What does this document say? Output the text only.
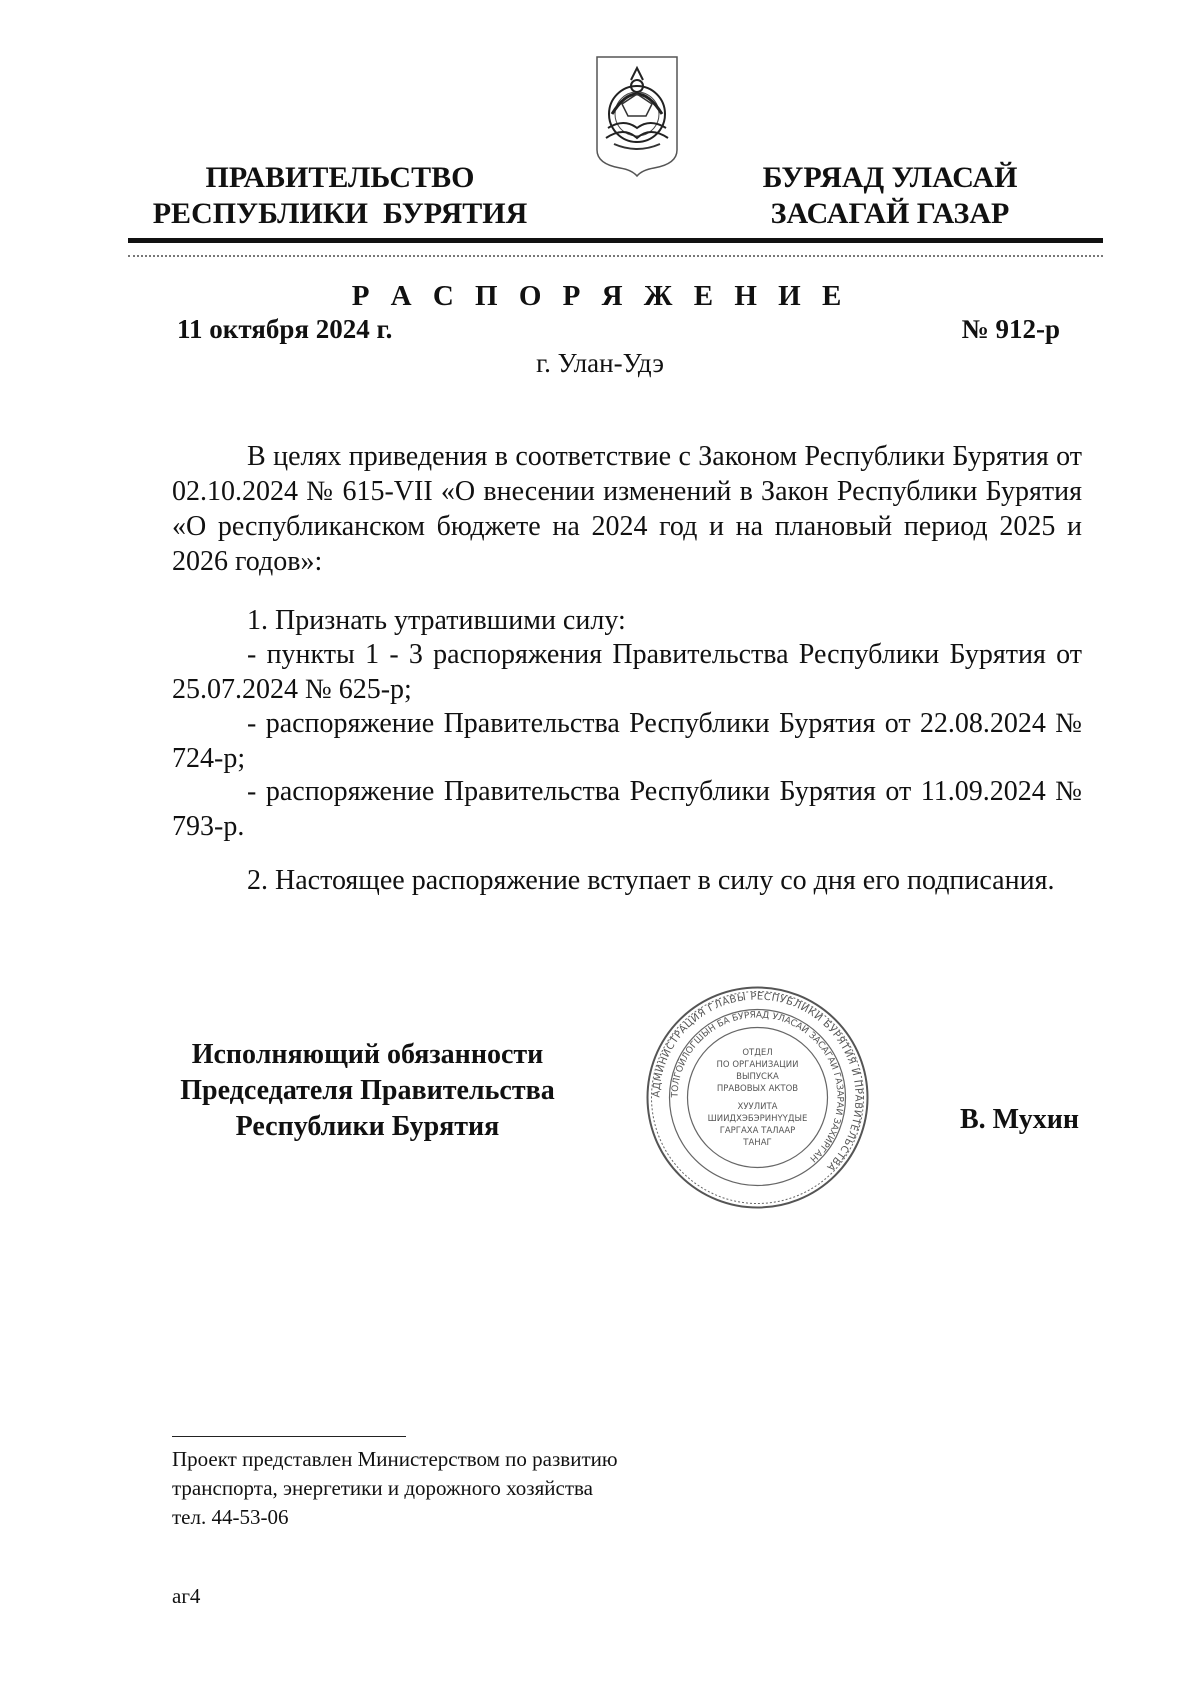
ПРАВИТЕЛЬСТВО
РЕСПУБЛИКИ  БУРЯТИЯ
БУРЯАД УЛАСАЙ
ЗАСАГАЙ ГАЗАР
Р А С П О Р Я Ж Е Н И Е
11 октября 2024 г.	№ 912-р
г. Улан-Удэ
В целях приведения в соответствие с Законом Республики Бурятия от 02.10.2024 № 615-VII «О внесении изменений в Закон Республики Бурятия «О республиканском бюджете на 2024 год и на плановый период 2025 и 2026 годов»:
1. Признать утратившими силу:
- пункты 1 - 3 распоряжения Правительства Республики Бурятия от 25.07.2024 № 625-р;
- распоряжение Правительства Республики Бурятия от 22.08.2024 № 724-р;
- распоряжение Правительства Республики Бурятия от 11.09.2024 № 793-р.
2. Настоящее распоряжение вступает в силу со дня его подписания.
Исполняющий обязанности
Председателя Правительства
Республики Бурятия
АДМИНИСТРАЦИЯ ГЛАВЫ РЕСПУБЛИКИ БУРЯТИЯ И ПРАВИТЕЛЬСТВА
ТОЛГОЙЛОГШЫН БА БУРЯАД УЛАСАЙ ЗАСАГАЙ ГАЗАРАЙ ЗАХИРГАН
ОТДЕЛ
ПО ОРГАНИЗАЦИИ
ВЫПУСКА
ПРАВОВЫХ АКТОВ
ХУУЛИТА
ШИИДХЭБЭРИНҮҮДЫЕ
ГАРГАХА ТАЛААР
ТАНАГ
В. Мухин
Проект представлен Министерством по развитию
транспорта, энергетики и дорожного хозяйства
тел. 44-53-06
аг4
